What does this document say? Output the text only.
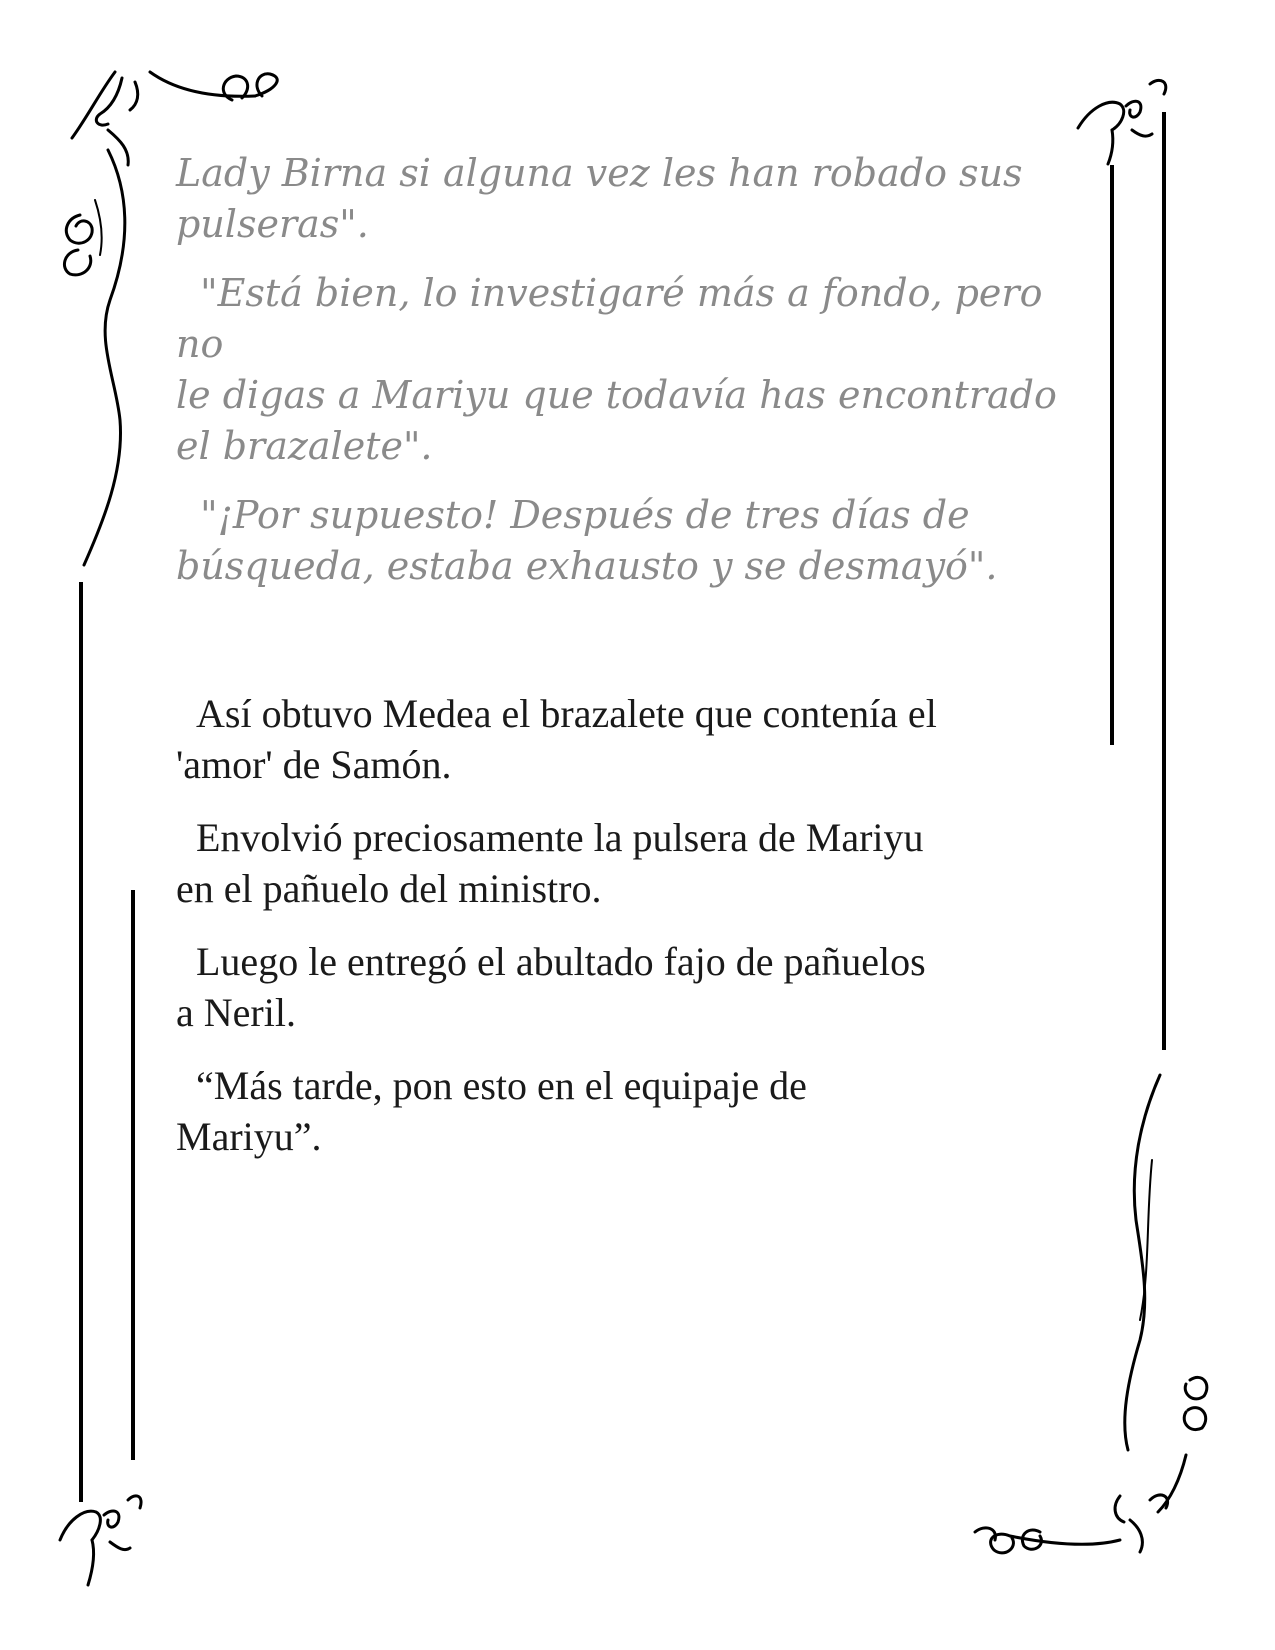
Lady Birna si alguna vez les han robado sus
pulseras".

"Está bien, lo investigaré más a fondo, pero no
le digas a Mariyu que todavía has encontrado
el brazalete".

"¡Por supuesto! Después de tres días de
búsqueda, estaba exhausto y se desmayó".

Así obtuvo Medea el brazalete que contenía el
'amor' de Samón.

Envolvió preciosamente la pulsera de Mariyu
en el pañuelo del ministro.

Luego le entregó el abultado fajo de pañuelos
a Neril.

“Más tarde, pon esto en el equipaje de
Mariyu”.
